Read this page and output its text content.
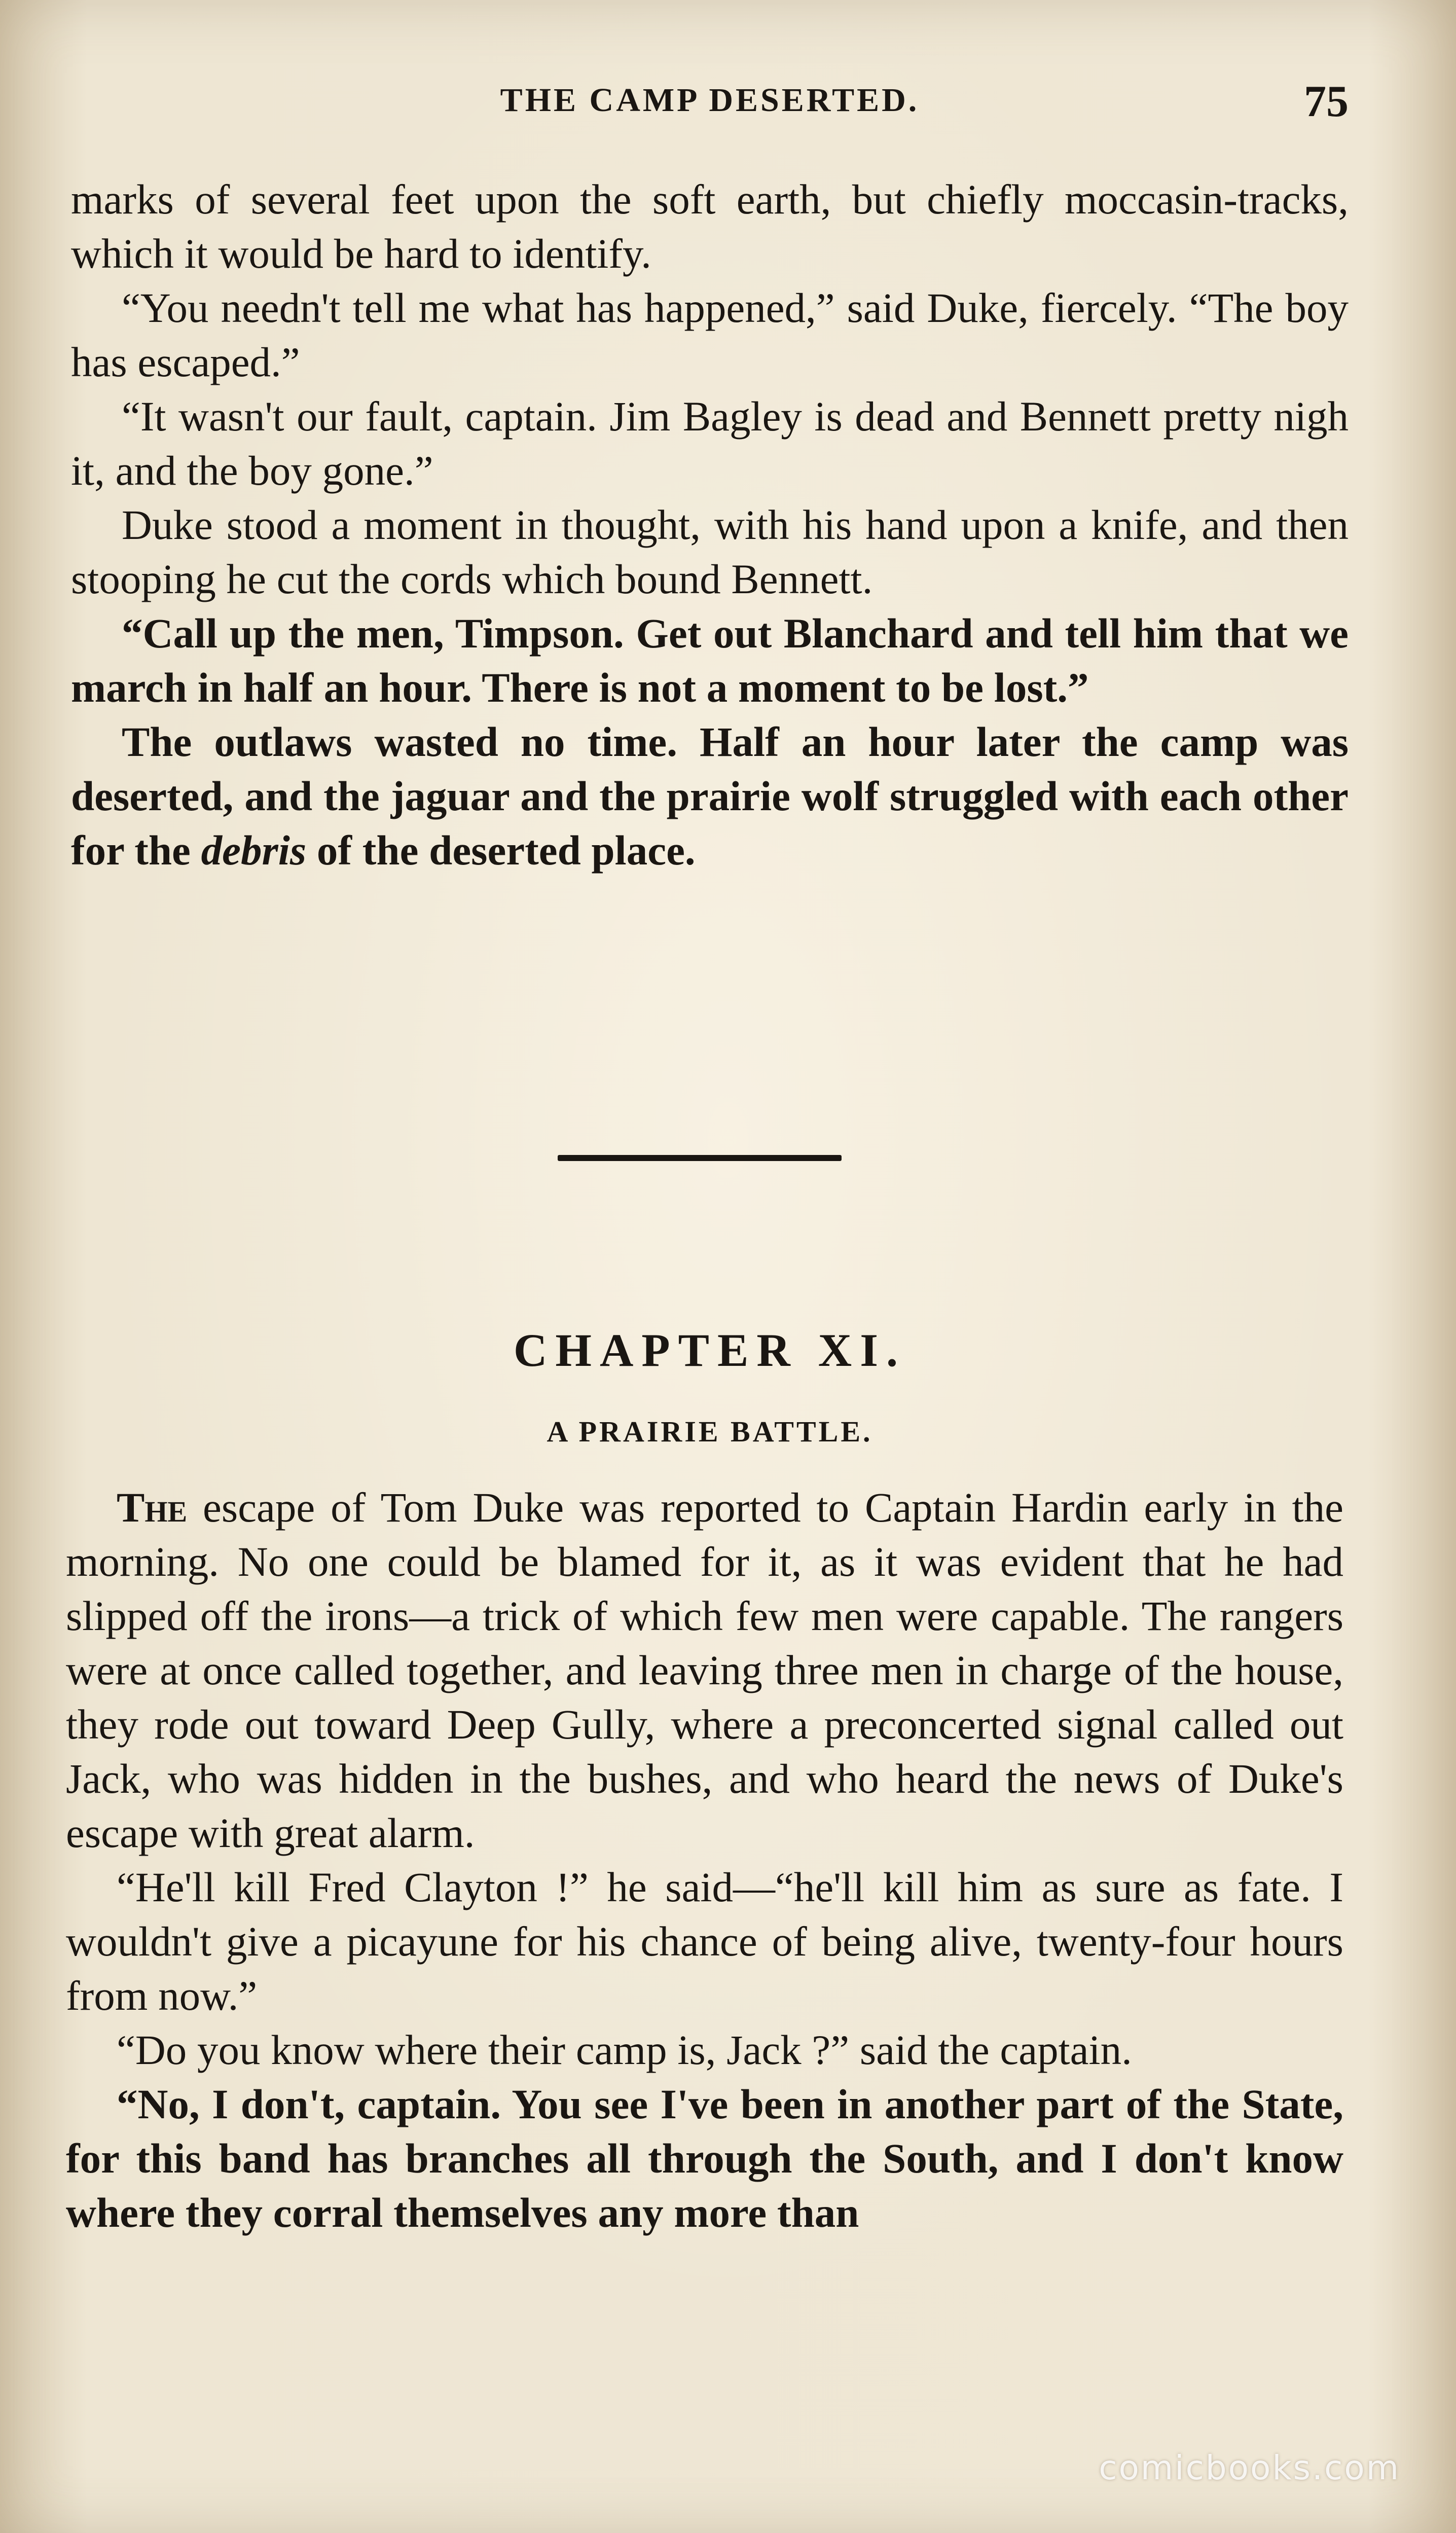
THE CAMP DESERTED.	75

marks of several feet upon the soft earth, but chiefly moccasin-tracks, which it would be hard to identify.

“You needn't tell me what has happened,” said Duke, fiercely. “The boy has escaped.”

“It wasn't our fault, captain. Jim Bagley is dead and Bennett pretty nigh it, and the boy gone.”

Duke stood a moment in thought, with his hand upon a knife, and then stooping he cut the cords which bound Bennett.

“Call up the men, Timpson. Get out Blanchard and tell him that we march in half an hour. There is not a moment to be lost.”

The outlaws wasted no time. Half an hour later the camp was deserted, and the jaguar and the prairie wolf struggled with each other for the debris of the deserted place.

CHAPTER XI.
A PRAIRIE BATTLE.

The escape of Tom Duke was reported to Captain Hardin early in the morning. No one could be blamed for it, as it was evident that he had slipped off the irons—a trick of which few men were capable. The rangers were at once called together, and leaving three men in charge of the house, they rode out toward Deep Gully, where a preconcerted signal called out Jack, who was hidden in the bushes, and who heard the news of Duke's escape with great alarm.

“He'll kill Fred Clayton !” he said—“he'll kill him as sure as fate. I wouldn't give a picayune for his chance of being alive, twenty-four hours from now.”

“Do you know where their camp is, Jack ?” said the captain.

“No, I don't, captain. You see I've been in another part of the State, for this band has branches all through the South, and I don't know where they corral themselves any more than

comicbooks.com
